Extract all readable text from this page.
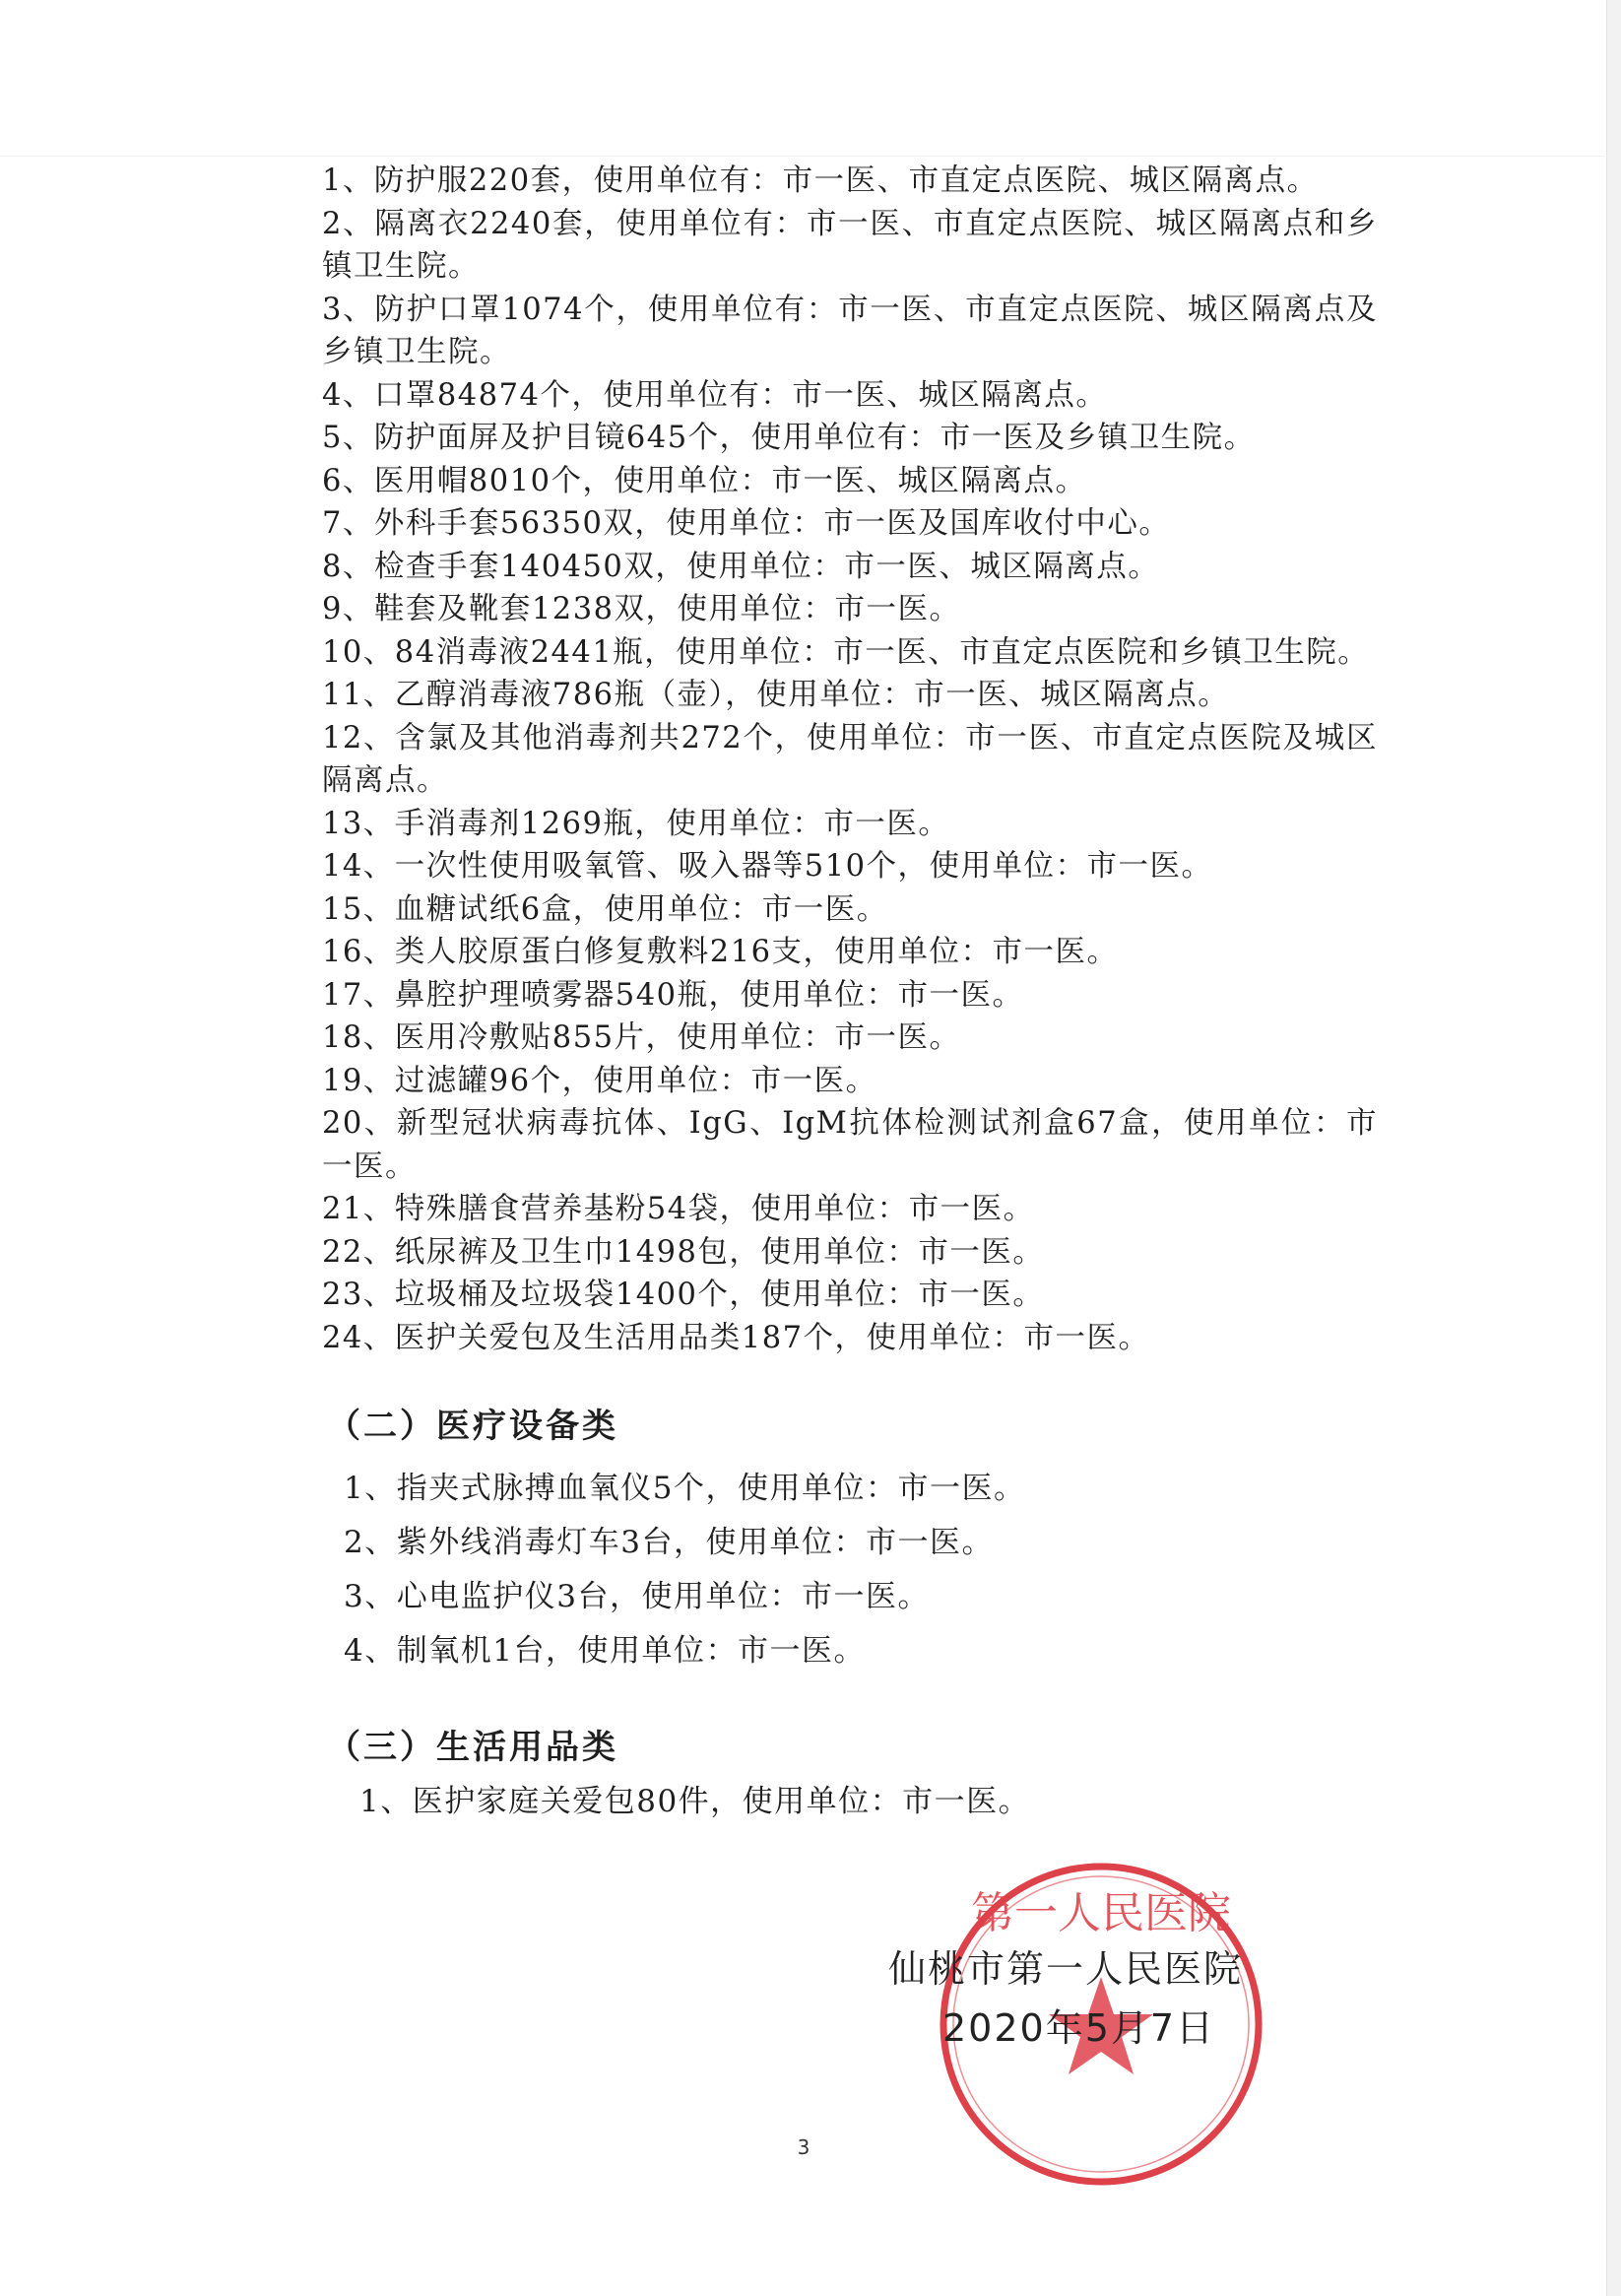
1、防护服220套，使用单位有：市一医、市直定点医院、城区隔离点。

2、隔离衣2240套，使用单位有：市一医、市直定点医院、城区隔离点和乡镇卫生院。

3、防护口罩1074个，使用单位有：市一医、市直定点医院、城区隔离点及乡镇卫生院。

4、口罩84874个，使用单位有：市一医、城区隔离点。

5、防护面屏及护目镜645个，使用单位有：市一医及乡镇卫生院。

6、医用帽8010个，使用单位：市一医、城区隔离点。

7、外科手套56350双，使用单位：市一医及国库收付中心。

8、检查手套140450双，使用单位：市一医、城区隔离点。

9、鞋套及靴套1238双，使用单位：市一医。

10、84消毒液2441瓶，使用单位：市一医、市直定点医院和乡镇卫生院。

11、乙醇消毒液786瓶（壶），使用单位：市一医、城区隔离点。

12、含氯及其他消毒剂共272个，使用单位：市一医、市直定点医院及城区隔离点。

13、手消毒剂1269瓶，使用单位：市一医。

14、一次性使用吸氧管、吸入器等510个，使用单位：市一医。

15、血糖试纸6盒，使用单位：市一医。

16、类人胶原蛋白修复敷料216支，使用单位：市一医。

17、鼻腔护理喷雾器540瓶，使用单位：市一医。

18、医用冷敷贴855片，使用单位：市一医。

19、过滤罐96个，使用单位：市一医。

20、新型冠状病毒抗体、IgG、IgM抗体检测试剂盒67盒，使用单位：市一医。

21、特殊膳食营养基粉54袋，使用单位：市一医。

22、纸尿裤及卫生巾1498包，使用单位：市一医。

23、垃圾桶及垃圾袋1400个，使用单位：市一医。

24、医护关爱包及生活用品类187个，使用单位：市一医。

（二）医疗设备类

1、指夹式脉搏血氧仪5个，使用单位：市一医。

2、紫外线消毒灯车3台，使用单位：市一医。

3、心电监护仪3台，使用单位：市一医。

4、制氧机1台，使用单位：市一医。

（三）生活用品类

1、医护家庭关爱包80件，使用单位：市一医。

第一人民医院
仙桃市第一人民医院
2020年5月7日
3
